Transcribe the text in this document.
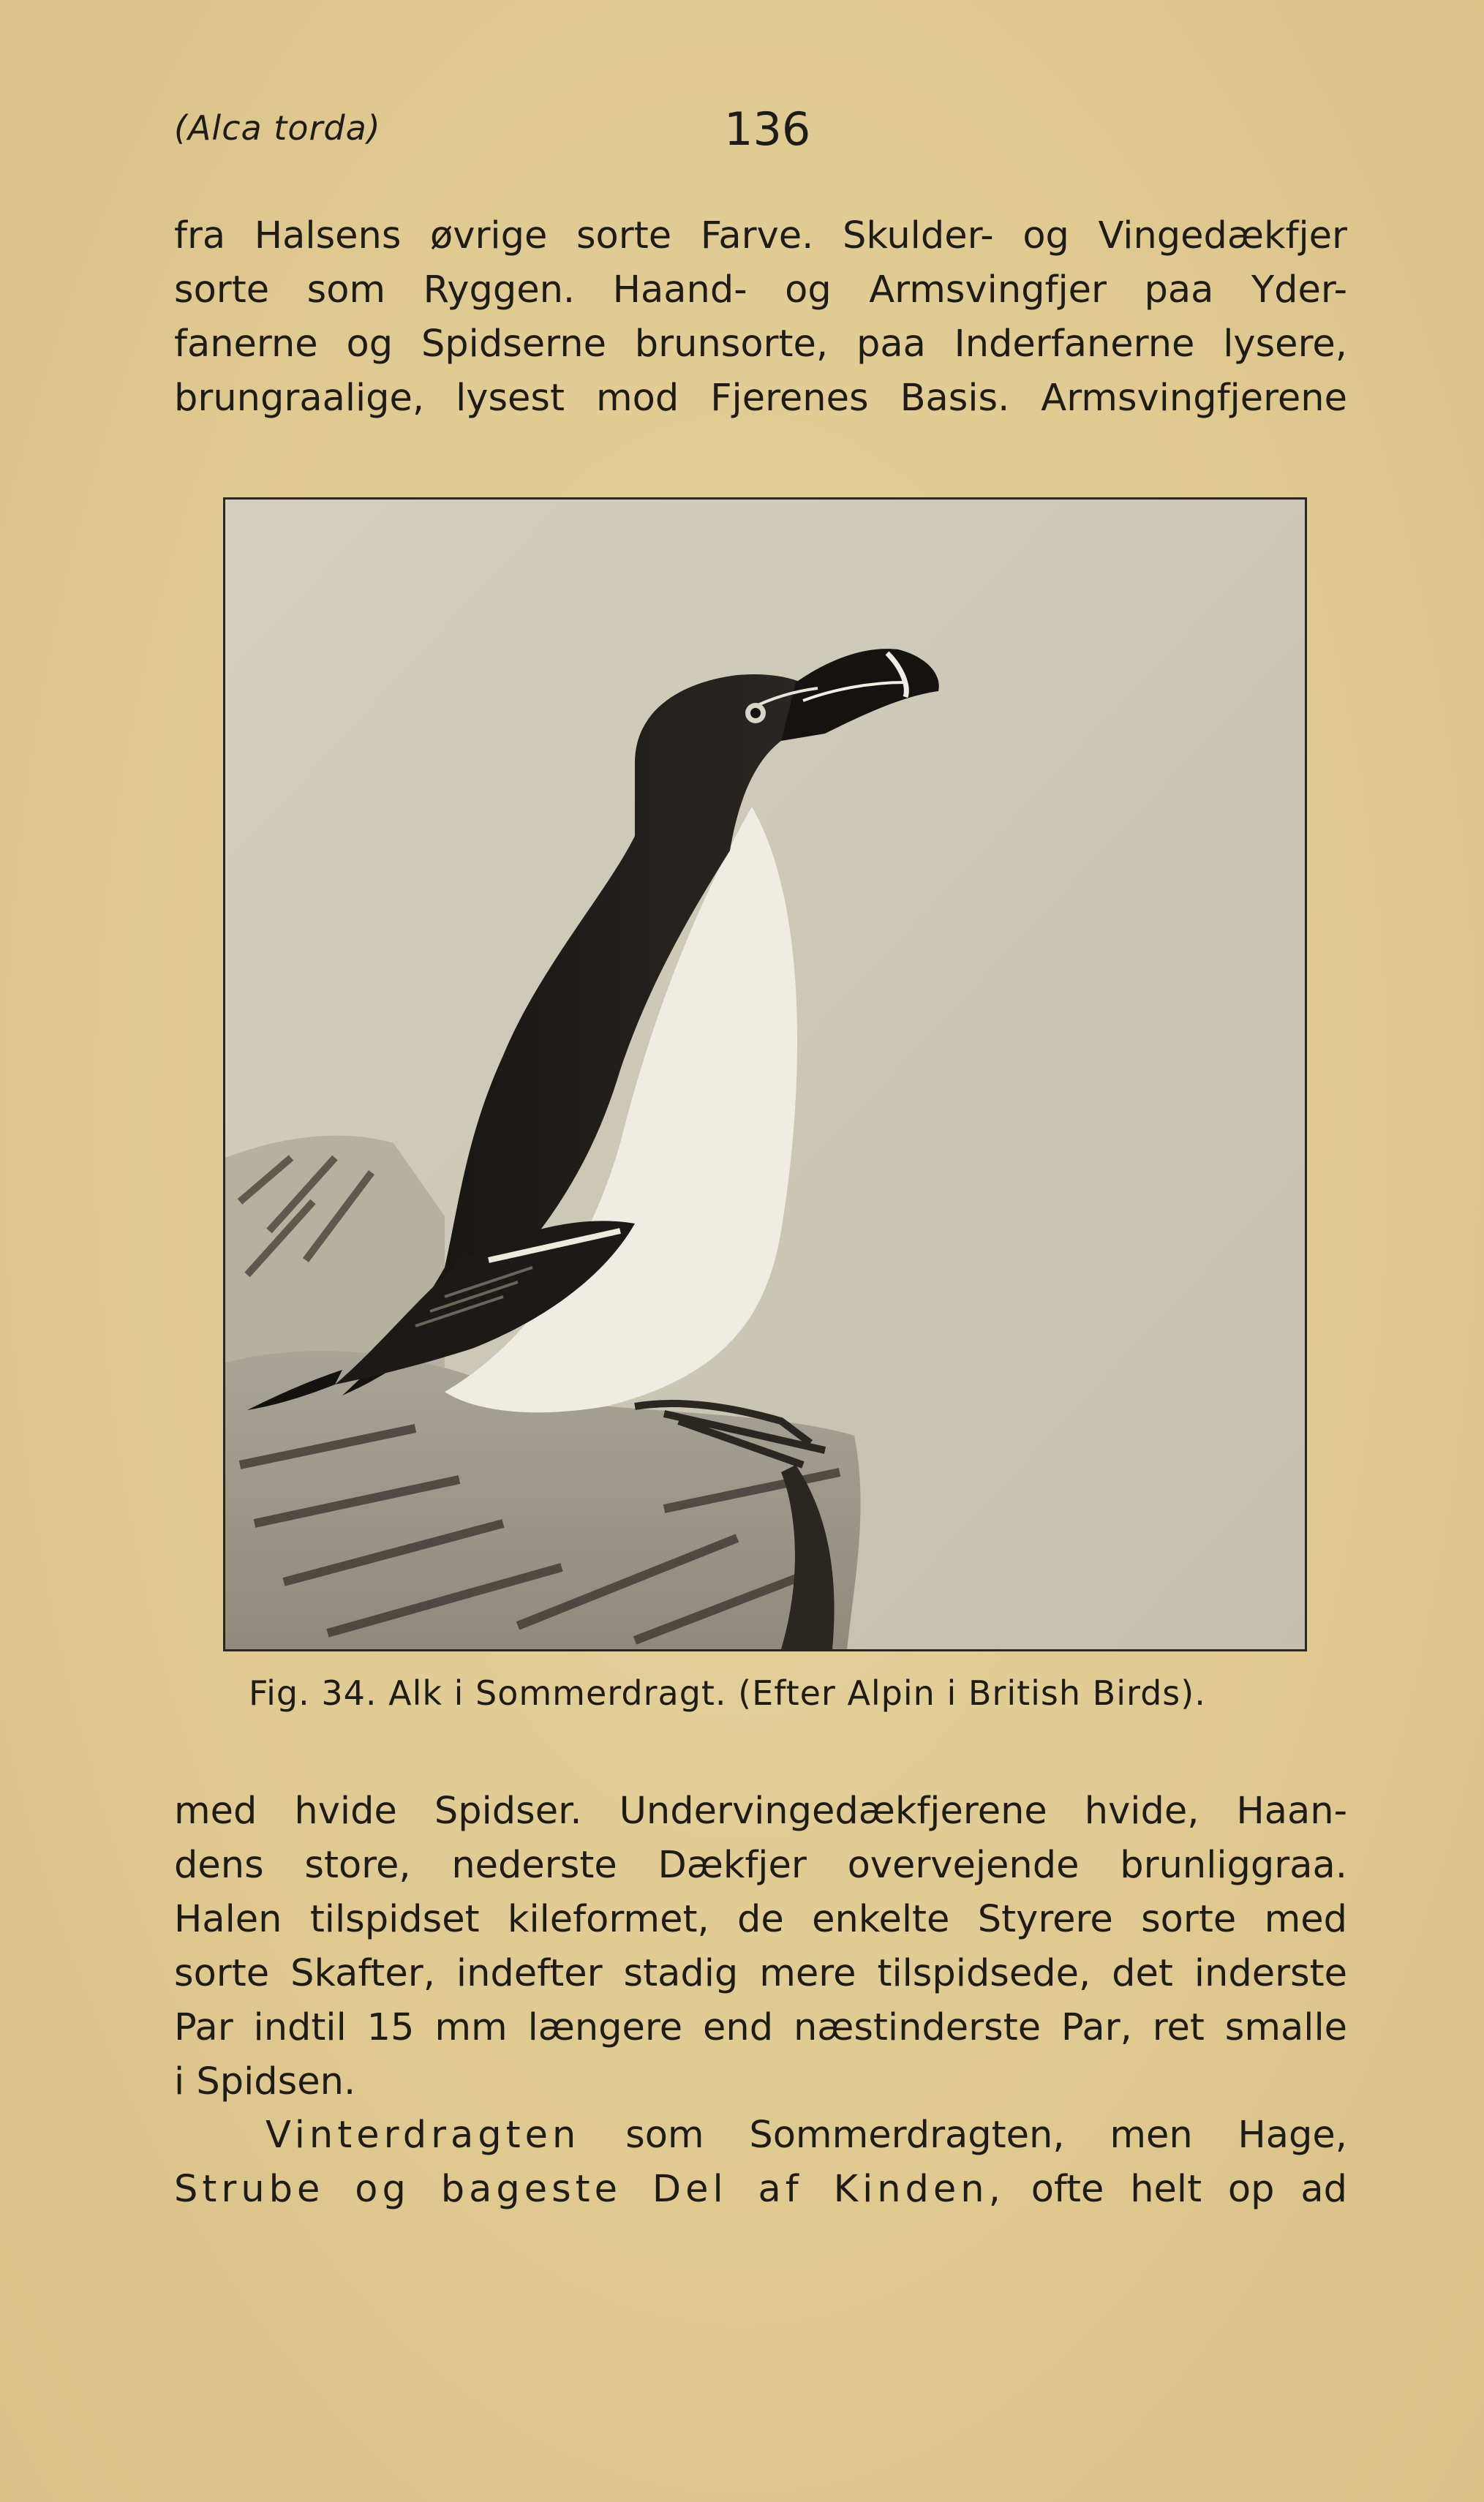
(Alca torda)	136
fra Halsens øvrige sorte Farve. Skulder- og Vingedækfjer
sorte som Ryggen. Haand- og Armsvingfjer paa Yder-
fanerne og Spidserne brunsorte, paa Inderfanerne lysere,
brungraalige, lysest mod Fjerenes Basis. Armsvingfjerene
Fig. 34. Alk i Sommerdragt. (Efter Alpin i British Birds).
med hvide Spidser. Undervingedækfjerene hvide, Haan-
dens store, nederste Dækfjer overvejende brunliggraa.
Halen tilspidset kileformet, de enkelte Styrere sorte med
sorte Skafter, indefter stadig mere tilspidsede, det inderste
Par indtil 15 mm længere end næstinderste Par, ret smalle
i Spidsen.
Vinterdragten som Sommerdragten, men Hage,
Strube og bageste Del af Kinden, ofte helt op ad
